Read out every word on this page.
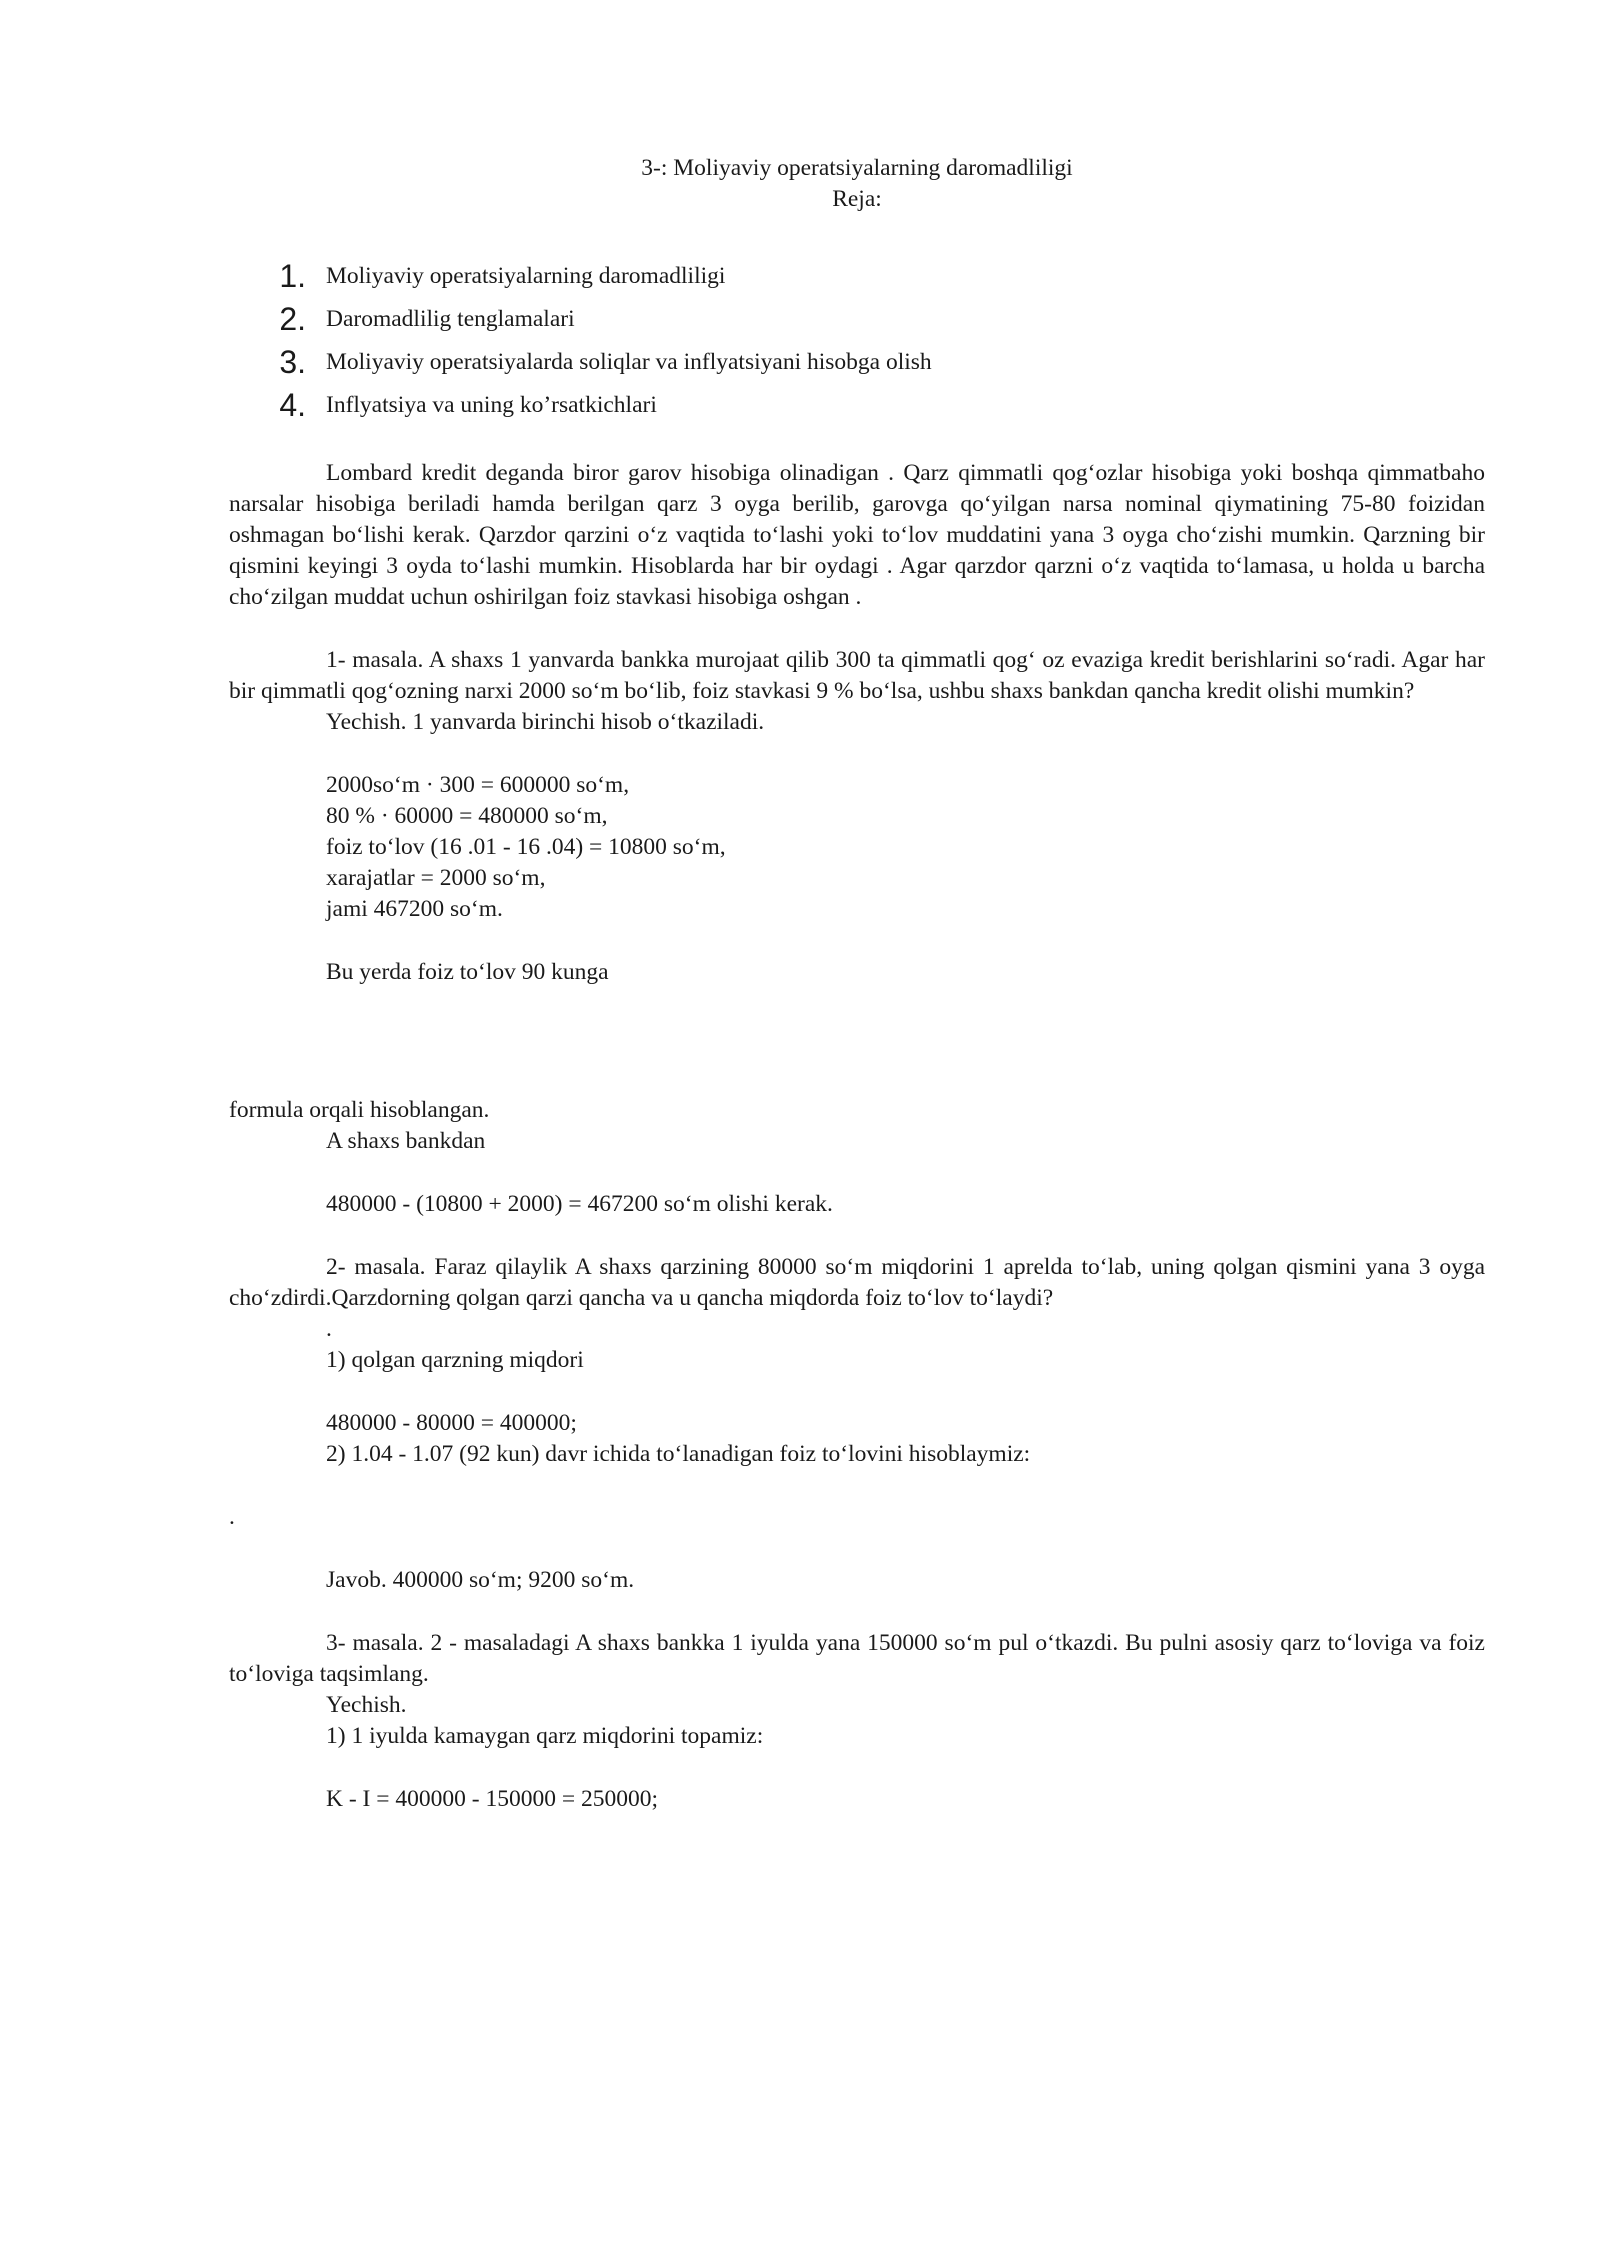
3-: Moliyaviy operatsiyalarning daromadliligi
Reja:
1 .	Moliyaviy operatsiyalarning daromadliligi
2 .	Daromadlilig tenglamalari
3 .	Moliyaviy operatsiyalarda soliqlar va inflyatsiyani hisobga olish
4 .	Inflyatsiya va uning ko’rsatkichlari

Lombard kredit deganda biror garov hisobiga olinadigan . Qarz qimmatli qog‘ozlar hisobiga yoki boshqa qimmatbaho narsalar hisobiga beriladi hamda berilgan qarz 3 oyga berilib, garovga qo‘yilgan narsa nominal qiymatining 75-80 foizidan oshmagan bo‘lishi kerak. Qarzdor qarzini o‘z vaqtida to‘lashi yoki to‘lov muddatini yana 3 oyga cho‘zishi mumkin. Qarzning bir qismini keyingi 3 oyda to‘lashi mumkin. Hisoblarda har bir oydagi . Agar qarzdor qarzni o‘z vaqtida to‘lamasa, u holda u barcha cho‘zilgan muddat uchun oshirilgan foiz stavkasi hisobiga oshgan .

1- masala. A shaxs 1 yanvarda bankka murojaat qilib 300 ta qimmatli qog‘ oz evaziga kredit berishlarini so‘radi. Agar har bir qimmatli qog‘ozning narxi 2000 so‘m bo‘lib, foiz stavkasi 9 % bo‘lsa, ushbu shaxs bankdan qancha kredit olishi mumkin?

Yechish. 1 yanvarda birinchi hisob o‘tkaziladi.
2000so‘m · 300 = 600000 so‘m,
80 % · 60000 = 480000 so‘m,
foiz to‘lov (16 .01 - 16 .04) = 10800 so‘m,
xarajatlar = 2000 so‘m,
jami 467200 so‘m.
Bu yerda foiz to‘lov 90 kunga
formula orqali hisoblangan.
A shaxs bankdan
480000 - (10800 + 2000) = 467200 so‘m olishi kerak.

2- masala. Faraz qilaylik A shaxs qarzining 80000 so‘m miqdorini 1 aprelda to‘lab, uning qolgan qismini yana 3 oyga cho‘zdirdi.Qarzdorning qolgan qarzi qancha va u qancha miqdorda foiz to‘lov to‘laydi?

.
1) qolgan qarzning miqdori
480000 - 80000 = 400000;
2) 1.04 - 1.07 (92 kun) davr ichida to‘lanadigan foiz to‘lovini hisoblaymiz:
.
Javob. 400000 so‘m; 9200 so‘m.

3- masala. 2 - masaladagi A shaxs bankka 1 iyulda yana 150000 so‘m pul o‘tkazdi. Bu pulni asosiy qarz to‘loviga va foiz to‘loviga taqsimlang.

Yechish.
1) 1 iyulda kamaygan qarz miqdorini topamiz:
K - I = 400000 - 150000 = 250000;
